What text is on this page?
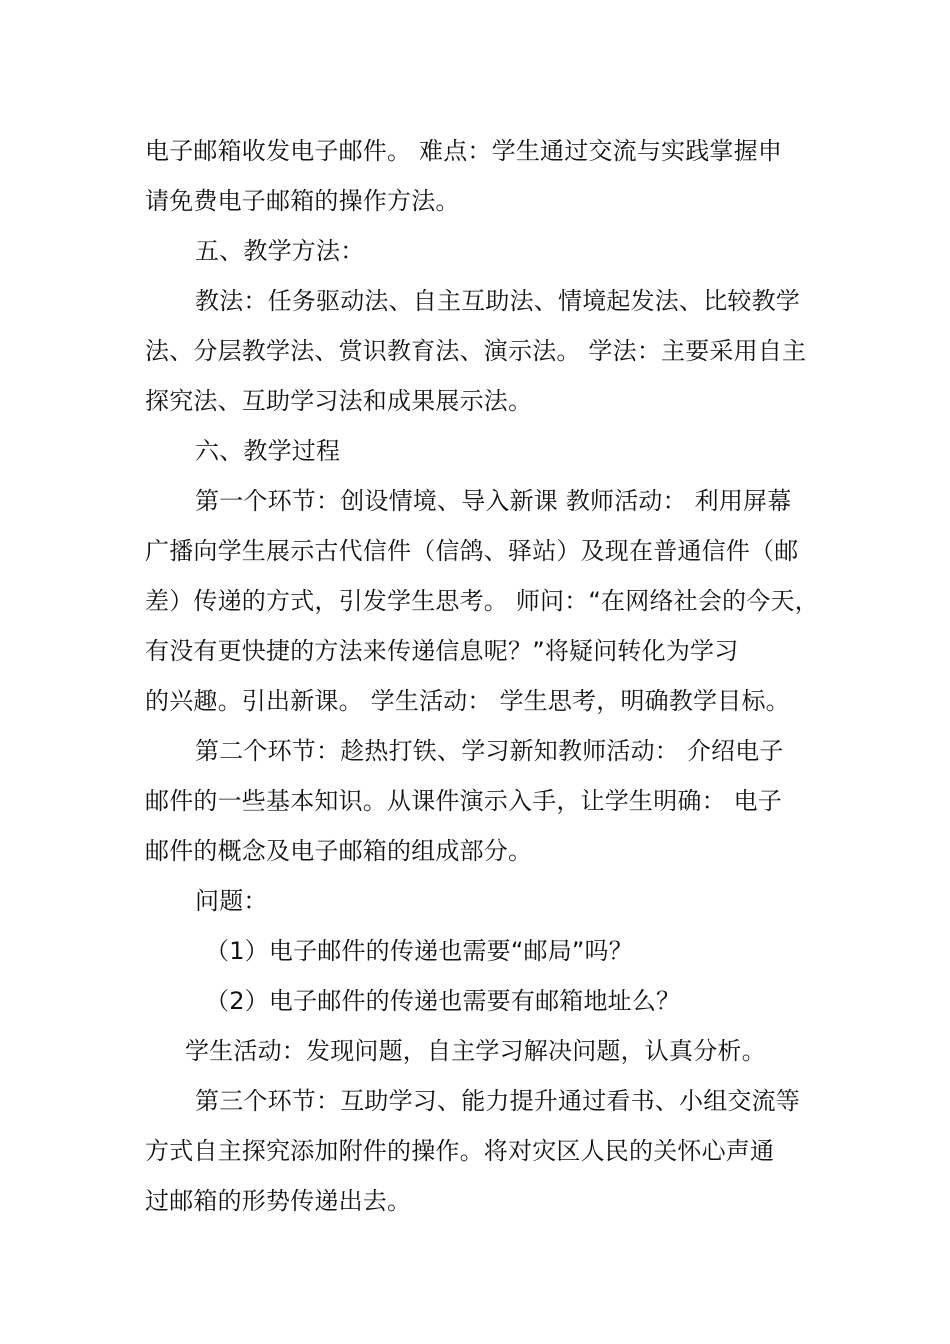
电子邮箱收发电子邮件。 难点：学生通过交流与实践掌握申
请免费电子邮箱的操作方法。
五、教学方法：
教法：任务驱动法、自主互助法、情境起发法、比较教学
法、分层教学法、赏识教育法、演示法。 学法：主要采用自主
探究法、互助学习法和成果展示法。
六、教学过程
第一个环节：创设情境、导入新课 教师活动： 利用屏幕
广播向学生展示古代信件（信鸽、驿站）及现在普通信件（邮
差）传递的方式，引发学生思考。 师问：“在网络社会的今天，
有没有更快捷的方法来传递信息呢？”将疑问转化为学习
的兴趣。引出新课。 学生活动： 学生思考，明确教学目标。
第二个环节：趁热打铁、学习新知教师活动： 介绍电子
邮件的一些基本知识。从课件演示入手，让学生明确： 电子
邮件的概念及电子邮箱的组成部分。
问题：
（1）电子邮件的传递也需要“邮局”吗？
（2）电子邮件的传递也需要有邮箱地址么？
学生活动：发现问题，自主学习解决问题，认真分析。
第三个环节：互助学习、能力提升通过看书、小组交流等
方式自主探究添加附件的操作。将对灾区人民的关怀心声通
过邮箱的形势传递出去。
